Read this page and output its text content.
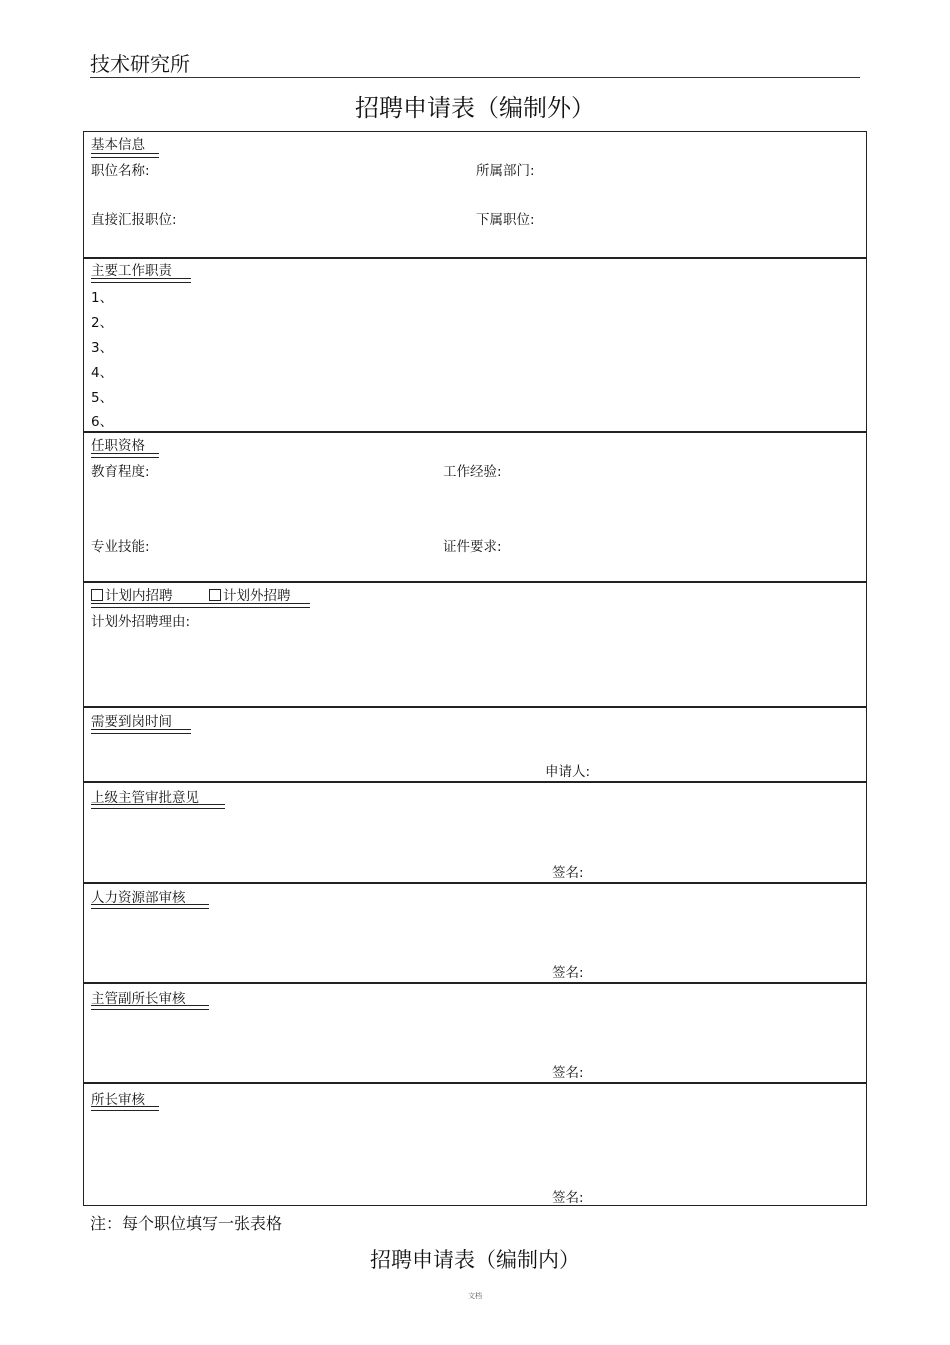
技术研究所
招聘申请表（编制外）
基本信息
职位名称:	所属部门:
直接汇报职位:	下属职位:
主要工作职责
1、
2、
3、
4、
5、
6、
任职资格
教育程度:	工作经验:
专业技能:	证件要求:
计划内招聘	计划外招聘
计划外招聘理由:
需要到岗时间
申请人:
上级主管审批意见
签名:
人力资源部审核
签名:
主管副所长审核
签名:
所长审核
签名:
注：每个职位填写一张表格
招聘申请表（编制内）
文档
